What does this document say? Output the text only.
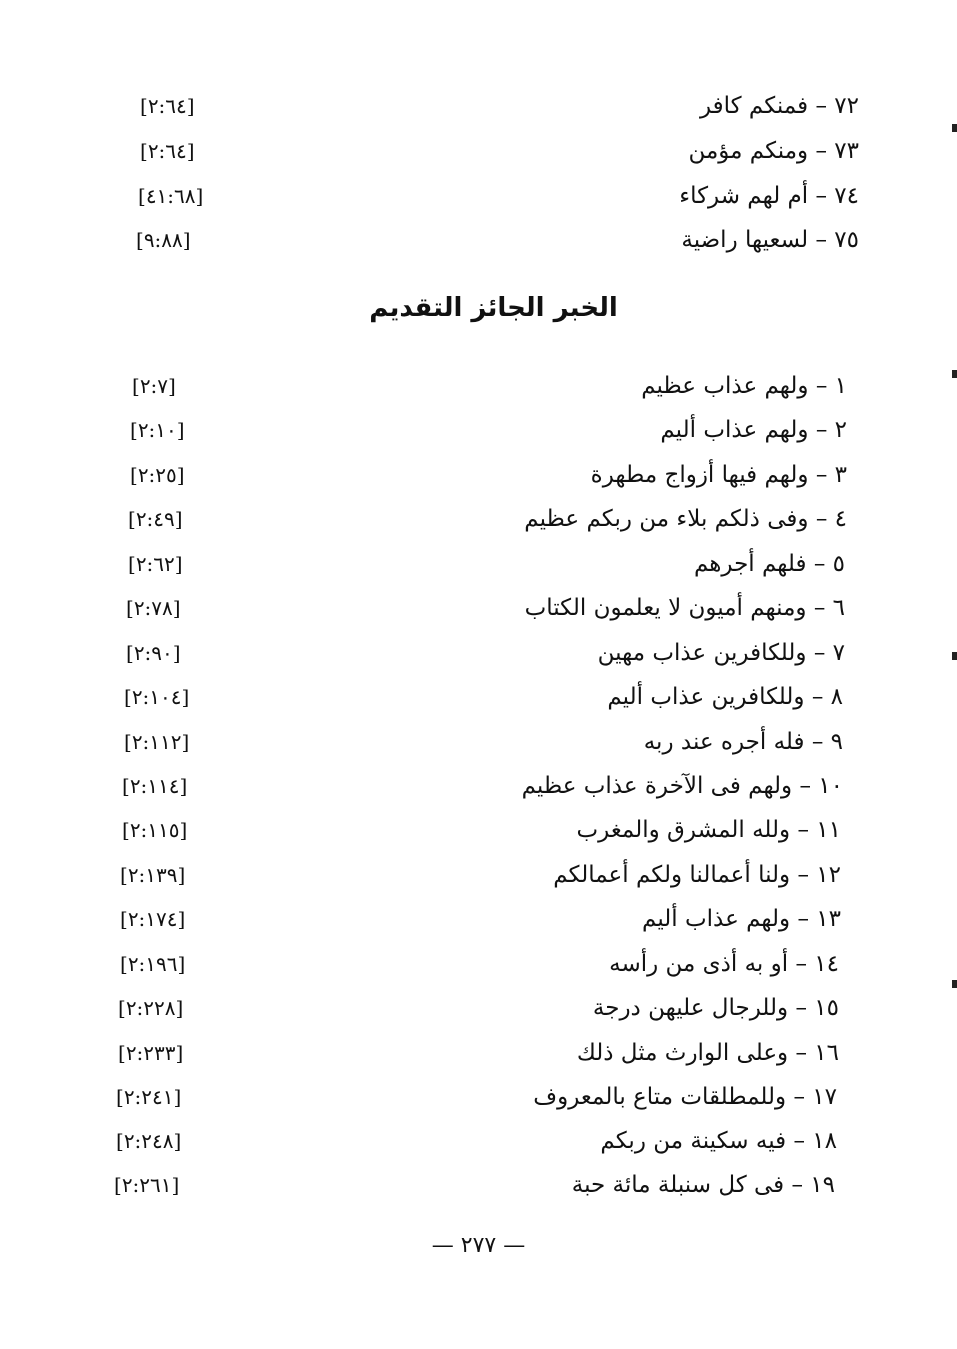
٧٢ – فمنكم كافر
[٢:٦٤]
٧٣ – ومنكم مؤمن
[٢:٦٤]
٧٤ – أم لهم شركاء
[٤١:٦٨]
٧٥ – لسعيها راضية
[٩:٨٨]
الخبر الجائز التقديم
١ – ولهم عذاب عظيم
[٢:٧]
٢ – ولهم عذاب أليم
[٢:١٠]
٣ – ولهم فيها أزواج مطهرة
[٢:٢٥]
٤ – وفى ذلكم بلاء من ربكم عظيم
[٢:٤٩]
٥ – فلهم أجرهم
[٢:٦٢]
٦ – ومنهم أميون لا يعلمون الكتاب
[٢:٧٨]
٧ – وللكافرين عذاب مهين
[٢:٩٠]
٨ – وللكافرين عذاب أليم
[٢:١٠٤]
٩ – فله أجره عند ربه
[٢:١١٢]
١٠ – ولهم فى الآخرة عذاب عظيم
[٢:١١٤]
١١ – ولله المشرق والمغرب
[٢:١١٥]
١٢ – ولنا أعمالنا ولكم أعمالكم
[٢:١٣٩]
١٣ – ولهم عذاب أليم
[٢:١٧٤]
١٤ – أو به أذى من رأسه
[٢:١٩٦]
١٥ – وللرجال عليهن درجة
[٢:٢٢٨]
١٦ – وعلى الوارث مثل ذلك
[٢:٢٣٣]
١٧ – وللمطلقات متاع بالمعروف
[٢:٢٤١]
١٨ – فيه سكينة من ربكم
[٢:٢٤٨]
١٩ – فى كل سنبلة مائة حبة
[٢:٢٦١]
— ٢٧٧ —
